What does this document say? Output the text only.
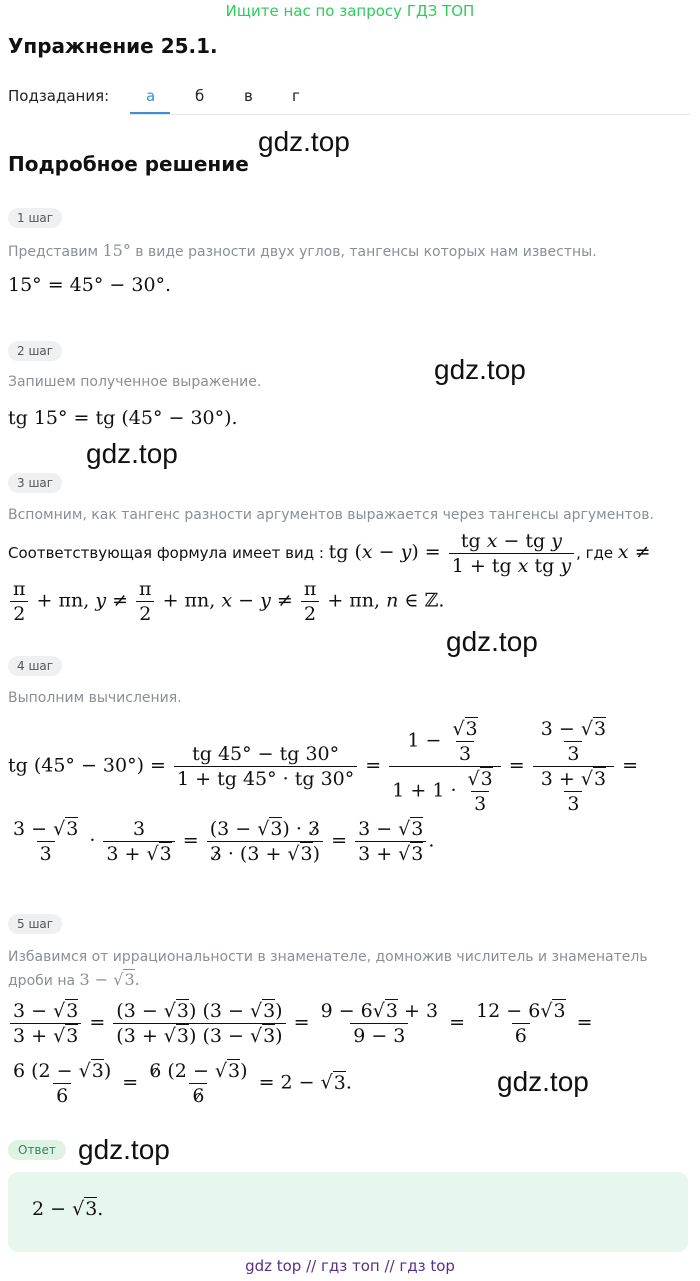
Ищите нас по запросу ГДЗ ТОП
Упражнение 25.1.
Подзадания: а	б	в	г
gdz.top
gdz.top
gdz.top
gdz.top
gdz.top
gdz.top
Подробное решение
1 шаг
Представим 15° в виде разности двух углов, тангенсы которых нам известны.
15° = 45° − 30°.
2 шаг
Запишем полученное выражение.
tg 15° = tg (45° − 30°).
3 шаг
Вспомним, как тангенс разности аргументов выражается через тангенсы аргументов.
Соответствующая формула имеет вид : tg $(x - y) = \frac{\text{tg x − tg y}}{\text{1 + tg x tg y}}$ , где x ≠
$\frac{\pi}{2} + \pi n$, $y \ne \frac{\pi}{2} + \pi n$, $x - y \ne \frac{\pi}{2} + \pi n$, n ∈ ℤ.
4 шаг
Выполним вычисления.
tg $(45^\circ - 30^\circ) = \frac{tg 45^\circ - tg 30^\circ}{1 + tg 45^\circ \cdot tg 30^\circ} = \frac{1 - \frac{√3}{3}}{1 + 1 \cdot \frac{√3}{3}} = \frac{\frac{3 - √3}{3}}{\frac{3 + √3}{3}}$ =
$\frac{3 - √3}{3} \cdot \frac{3}{3 + √3} = \frac{(3 - √3) \cdot 3}{3 \cdot (3 + √3)} = \frac{3 - √3}{3 + √3}$ .
5 шаг
Избавимся от иррациональности в знаменателе, домножив числитель и знаменатель
дроби на 3 − √3.
$\frac{3 - √3}{3 + √3} = \frac{(3 - √3) (3 - √3)}{(3 + √3) (3 - √3)} = \frac{9 - 6√3 + 3}{9 - 3} = \frac{12 - 6√3}{6}$ =
$\frac{6 (2 - √3)}{6} = \frac{6 (2 - √3)}{6} = 2 - √3$.
Ответ
2 − √3.
gdz top // гдз топ // гдз top
